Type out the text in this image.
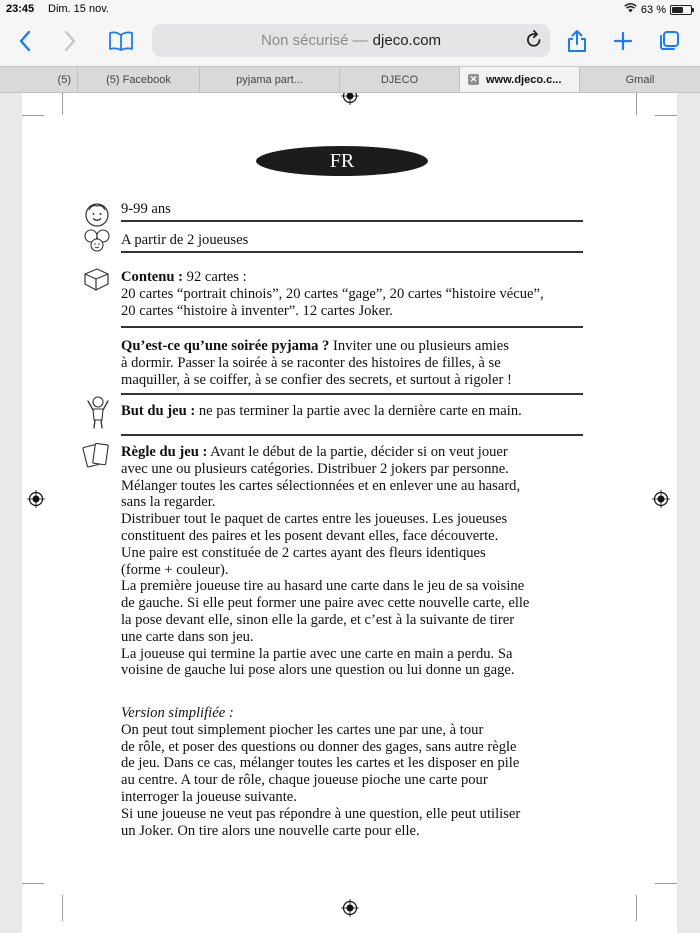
23:45 Dim. 15 nov.	63 %
Non sécurisé — djeco.com
(5)	(5) Facebook	pyjama part...	DJECO	✕ www.djeco.c...	Gmail
FR
9-99 ans
A partir de 2 joueuses
Contenu : 92 cartes :
20 cartes “portrait chinois”, 20 cartes “gage”, 20 cartes “histoire vécue”,
20 cartes “histoire à inventer”. 12 cartes Joker.
Qu’est-ce qu’une soirée pyjama ? Inviter une ou plusieurs amies
à dormir. Passer la soirée à se raconter des histoires de filles, à se
maquiller, à se coiffer, à se confier des secrets, et surtout à rigoler !
But du jeu : ne pas terminer la partie avec la dernière carte en main.
Règle du jeu : Avant le début de la partie, décider si on veut jouer
avec une ou plusieurs catégories. Distribuer 2 jokers par personne.
Mélanger toutes les cartes sélectionnées et en enlever une au hasard,
sans la regarder.
Distribuer tout le paquet de cartes entre les joueuses. Les joueuses
constituent des paires et les posent devant elles, face découverte.
Une paire est constituée de 2 cartes ayant des fleurs identiques
(forme + couleur).
La première joueuse tire au hasard une carte dans le jeu de sa voisine
de gauche. Si elle peut former une paire avec cette nouvelle carte, elle
la pose devant elle, sinon elle la garde, et c’est à la suivante de tirer
une carte dans son jeu.
La joueuse qui termine la partie avec une carte en main a perdu. Sa
voisine de gauche lui pose alors une question ou lui donne un gage.
Version simplifiée :
On peut tout simplement piocher les cartes une par une, à tour
de rôle, et poser des questions ou donner des gages, sans autre règle
de jeu. Dans ce cas, mélanger toutes les cartes et les disposer en pile
au centre. A tour de rôle, chaque joueuse pioche une carte pour
interroger la joueuse suivante.
Si une joueuse ne veut pas répondre à une question, elle peut utiliser
un Joker. On tire alors une nouvelle carte pour elle.
